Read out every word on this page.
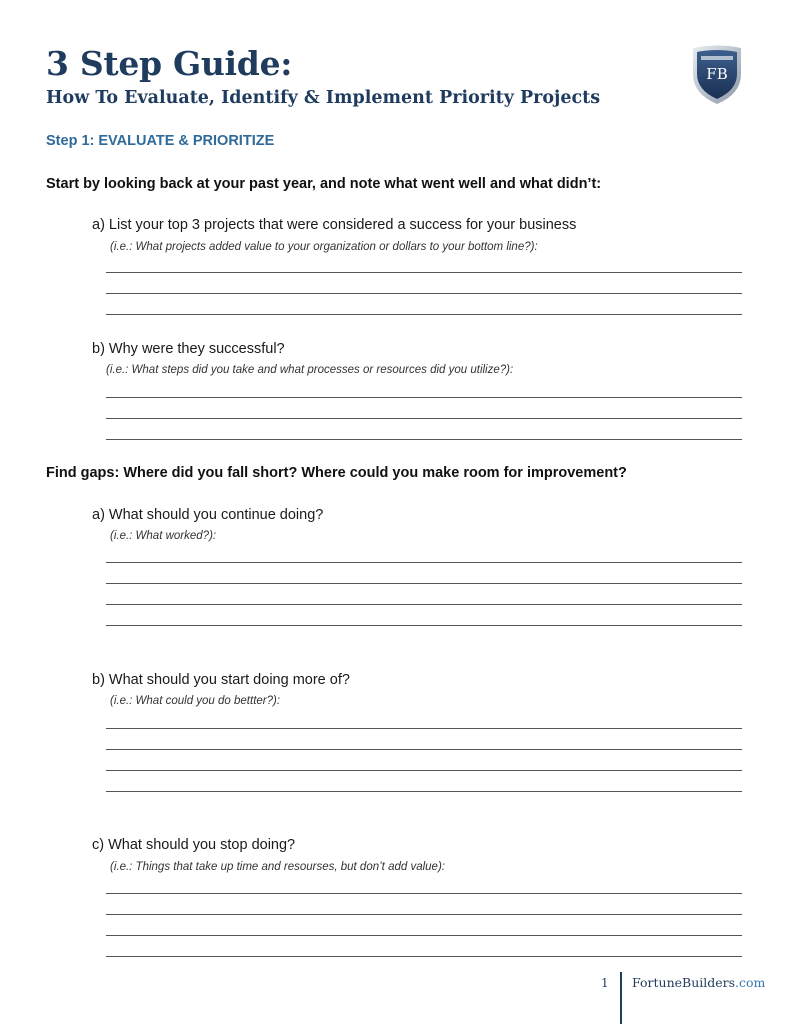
3 Step Guide:
How To Evaluate, Identify & Implement Priority Projects
FB
Step 1: EVALUATE & PRIORITIZE
Start by looking back at your past year, and note what went well and what didn’t:
a) List your top 3 projects that were considered a success for your business
(i.e.: What projects added value to your organization or dollars to your bottom line?):
b) Why were they successful?
(i.e.: What steps did you take and what processes or resources did you utilize?):
Find gaps: Where did you fall short? Where could you make room for improvement?
a) What should you continue doing?
(i.e.: What worked?):
b) What should you start doing more of?
(i.e.: What could you do bettter?):
c) What should you stop doing?
(i.e.: Things that take up time and resourses, but don’t add value):
1 FortuneBuilders.com
